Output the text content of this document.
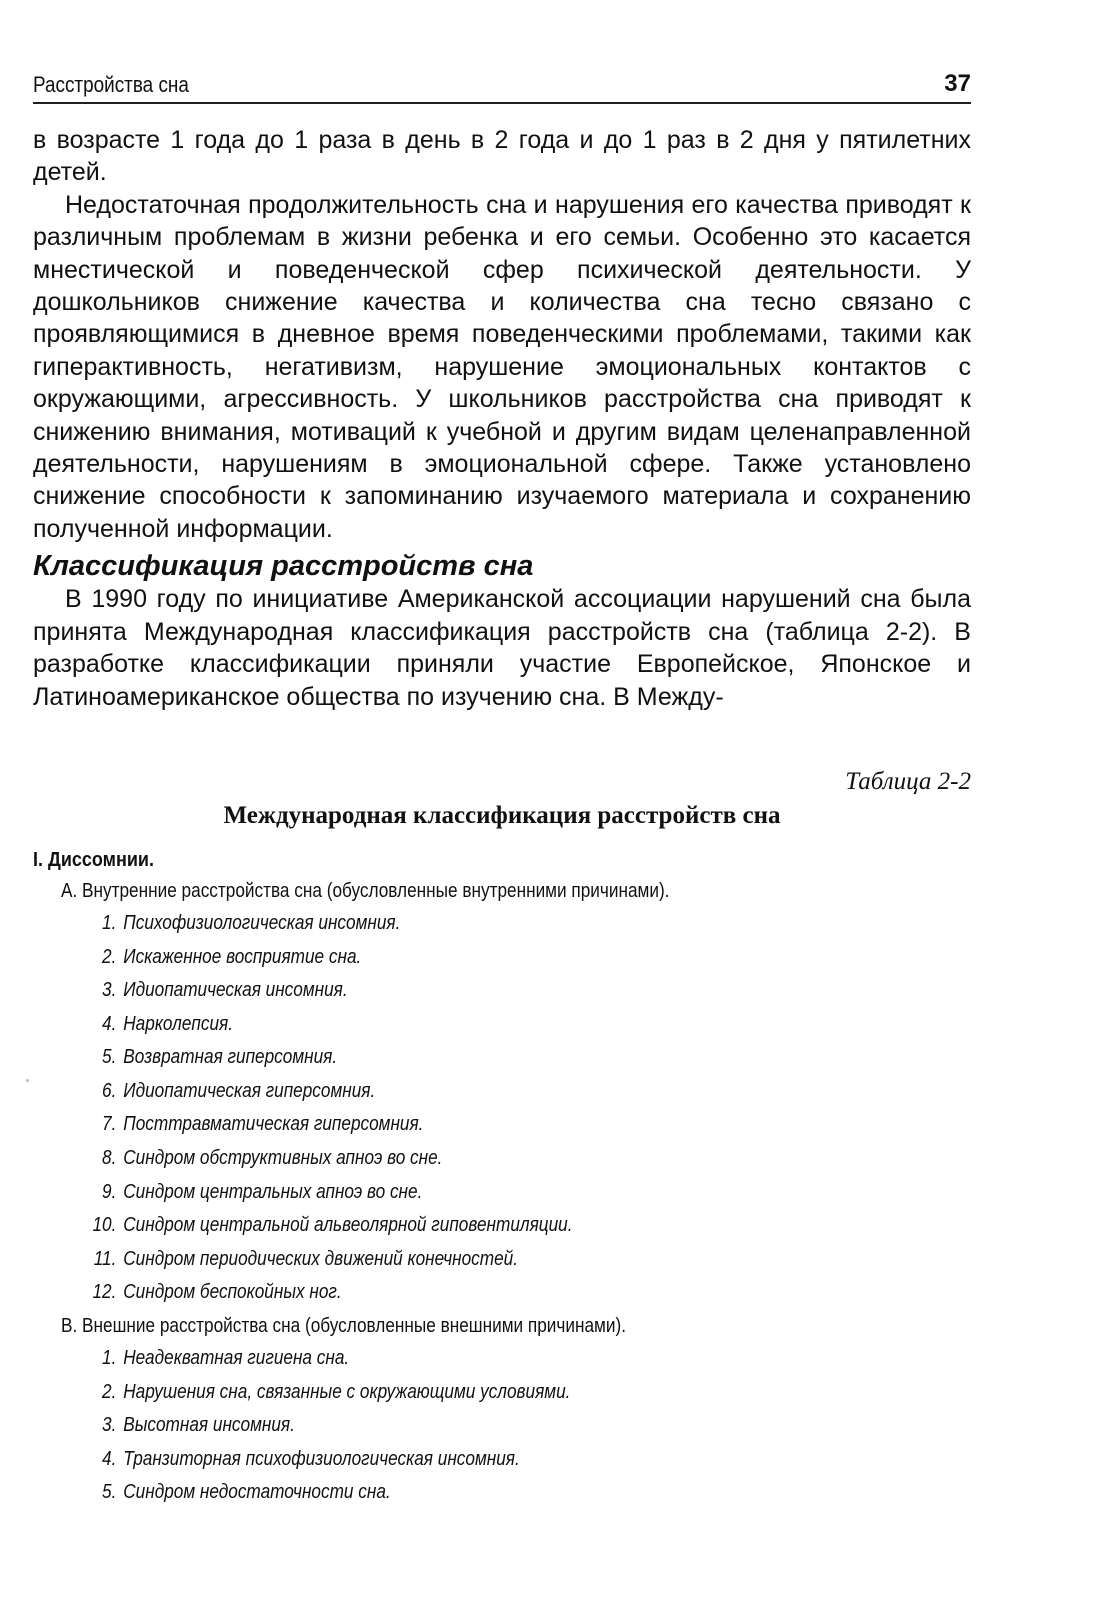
Расстройства сна	37

в возрасте 1 года до 1 раза в день в 2 года и до 1 раз в 2 дня у пятилетних детей.

Недостаточная продолжительность сна и нарушения его качества приводят к различным проблемам в жизни ребенка и его семьи. Особенно это касается мнестической и поведенческой сфер психической деятельности. У дошкольников снижение качества и количества сна тесно связано с проявляющимися в дневное время поведенческими проблемами, такими как гиперактивность, негативизм, нарушение эмоциональных контактов с окружающими, агрессивность. У школьников расстройства сна приводят к снижению внимания, мотиваций к учебной и другим видам целенаправленной деятельности, нарушениям в эмоциональной сфере. Также установлено снижение способности к запоминанию изучаемого материала и сохранению полученной информации.

Классификация расстройств сна

В 1990 году по инициативе Американской ассоциации нарушений сна была принята Международная классификация расстройств сна (таблица 2-2). В разработке классификации приняли участие Европейское, Японское и Латиноамериканское общества по изучению сна. В Между-

Таблица 2-2
Международная классификация расстройств сна
I. Диссомнии.
A. Внутренние расстройства сна (обусловленные внутренними причинами).
1. Психофизиологическая инсомния.
2. Искаженное восприятие сна.
3. Идиопатическая инсомния.
4. Нарколепсия.
5. Возвратная гиперсомния.
6. Идиопатическая гиперсомния.
7. Посттравматическая гиперсомния.
8. Синдром обструктивных апноэ во сне.
9. Синдром центральных апноэ во сне.
10. Синдром центральной альвеолярной гиповентиляции.
11. Синдром периодических движений конечностей.
12. Синдром беспокойных ног.
B. Внешние расстройства сна (обусловленные внешними причинами).
1. Неадекватная гигиена сна.
2. Нарушения сна, связанные с окружающими условиями.
3. Высотная инсомния.
4. Транзиторная психофизиологическая инсомния.
5. Синдром недостаточности сна.
